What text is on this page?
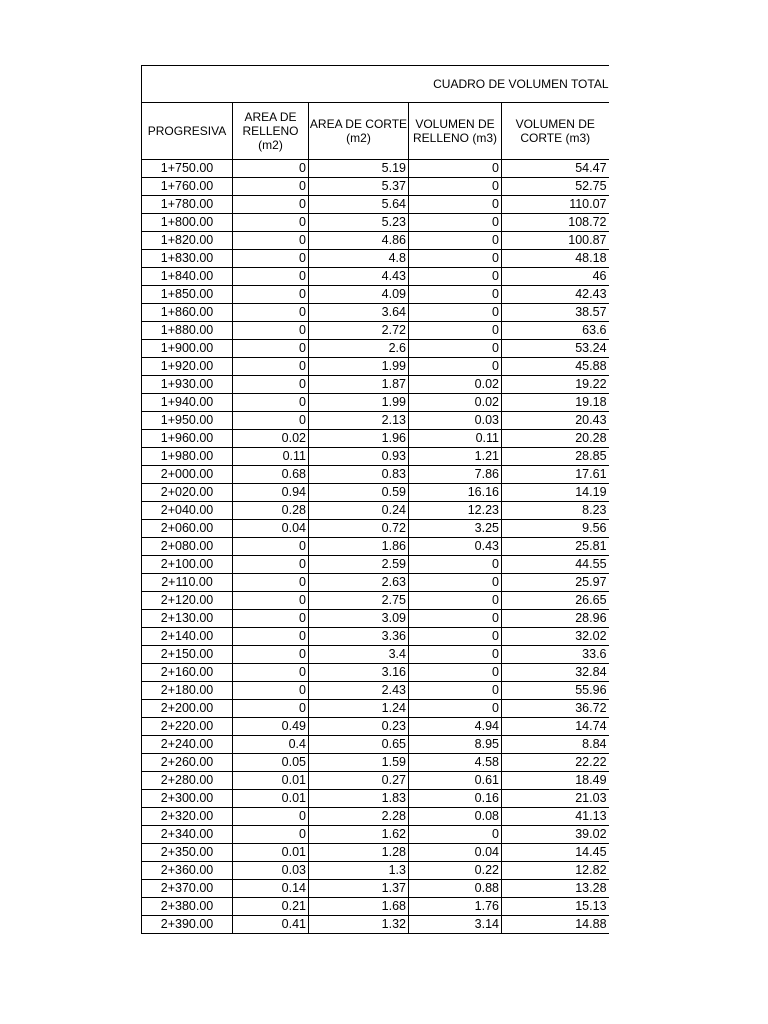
CUADRO DE VOLUMEN TOTAL				
PROGRESIVA	AREA DE RELLENO (m2)	AREA DE CORTE (m2)	VOLUMEN DE RELLENO (m3)	VOLUMEN DE CORTE (m3)
1+750.00	0	5.19	0	54.47
1+760.00	0	5.37	0	52.75
1+780.00	0	5.64	0	110.07
1+800.00	0	5.23	0	108.72
1+820.00	0	4.86	0	100.87
1+830.00	0	4.8	0	48.18
1+840.00	0	4.43	0	46
1+850.00	0	4.09	0	42.43
1+860.00	0	3.64	0	38.57
1+880.00	0	2.72	0	63.6
1+900.00	0	2.6	0	53.24
1+920.00	0	1.99	0	45.88
1+930.00	0	1.87	0.02	19.22
1+940.00	0	1.99	0.02	19.18
1+950.00	0	2.13	0.03	20.43
1+960.00	0.02	1.96	0.11	20.28
1+980.00	0.11	0.93	1.21	28.85
2+000.00	0.68	0.83	7.86	17.61
2+020.00	0.94	0.59	16.16	14.19
2+040.00	0.28	0.24	12.23	8.23
2+060.00	0.04	0.72	3.25	9.56
2+080.00	0	1.86	0.43	25.81
2+100.00	0	2.59	0	44.55
2+110.00	0	2.63	0	25.97
2+120.00	0	2.75	0	26.65
2+130.00	0	3.09	0	28.96
2+140.00	0	3.36	0	32.02
2+150.00	0	3.4	0	33.6
2+160.00	0	3.16	0	32.84
2+180.00	0	2.43	0	55.96
2+200.00	0	1.24	0	36.72
2+220.00	0.49	0.23	4.94	14.74
2+240.00	0.4	0.65	8.95	8.84
2+260.00	0.05	1.59	4.58	22.22
2+280.00	0.01	0.27	0.61	18.49
2+300.00	0.01	1.83	0.16	21.03
2+320.00	0	2.28	0.08	41.13
2+340.00	0	1.62	0	39.02
2+350.00	0.01	1.28	0.04	14.45
2+360.00	0.03	1.3	0.22	12.82
2+370.00	0.14	1.37	0.88	13.28
2+380.00	0.21	1.68	1.76	15.13
2+390.00	0.41	1.32	3.14	14.88
